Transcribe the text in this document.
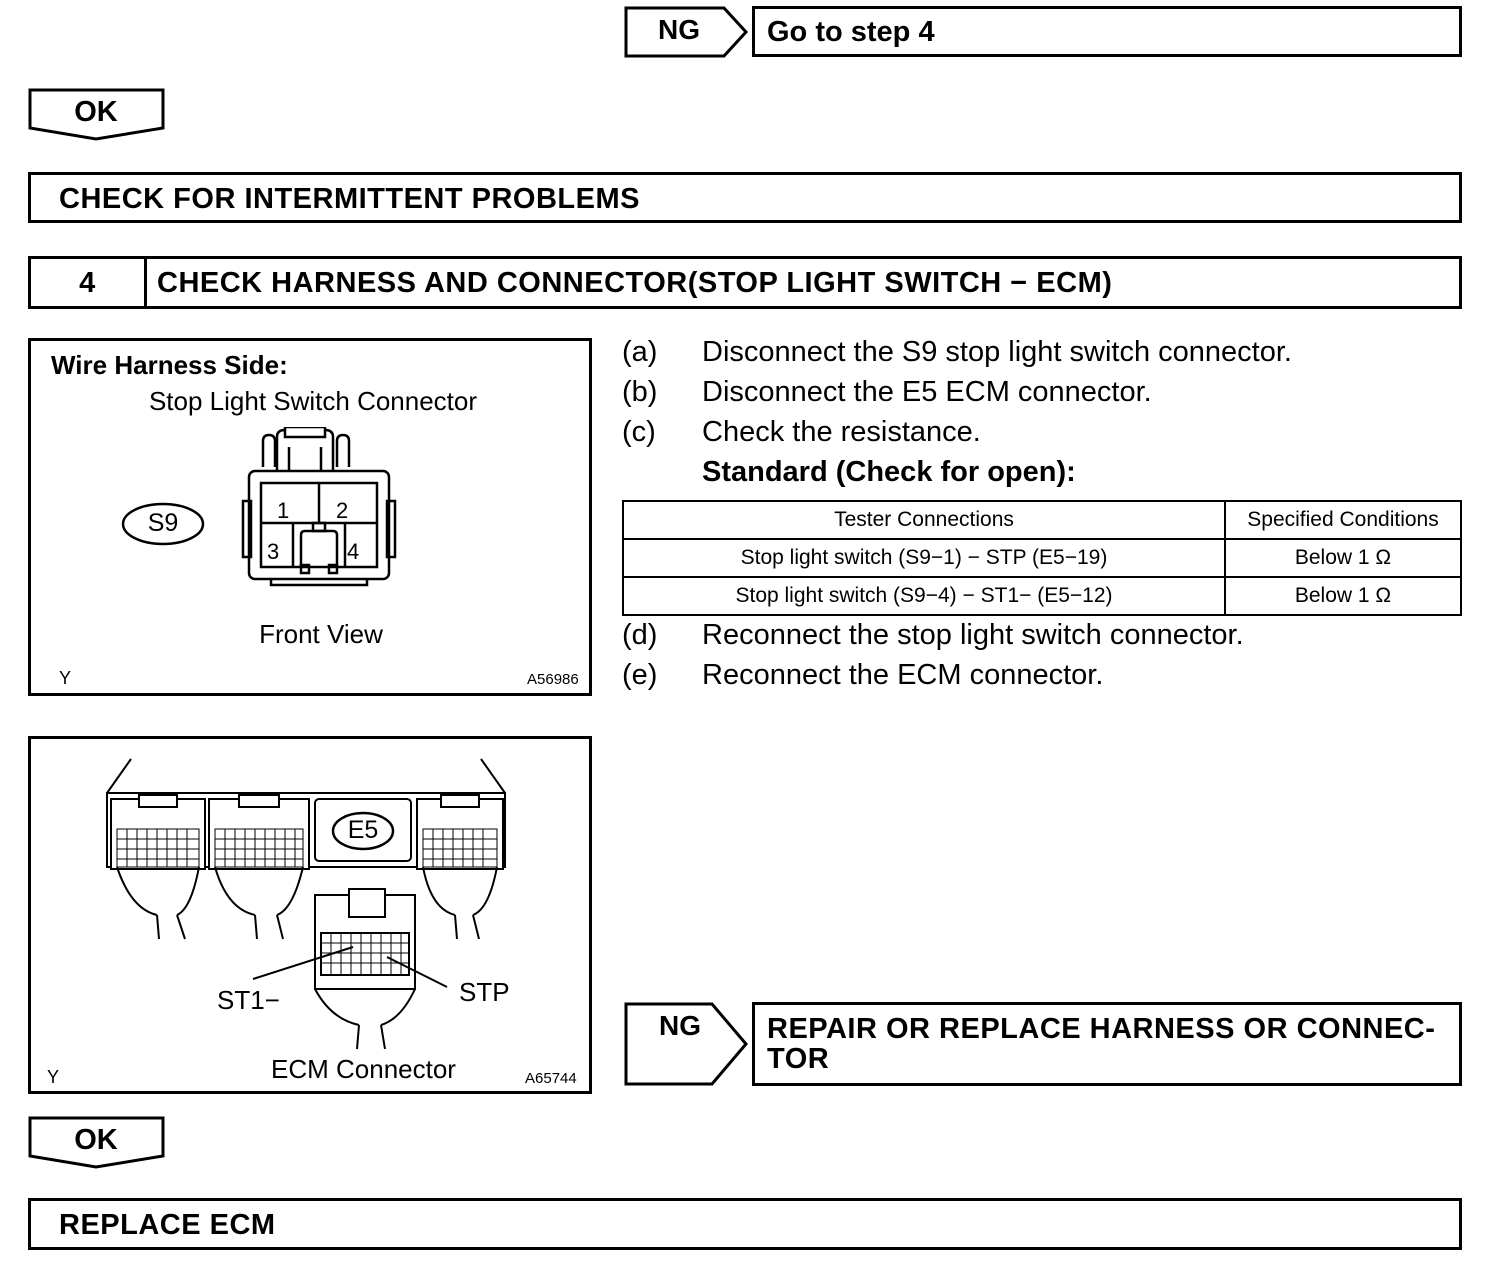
NG	Go to step 4
OK
CHECK FOR INTERMITTENT PROBLEMS
4	CHECK HARNESS AND CONNECTOR(STOP LIGHT SWITCH − ECM)
Wire Harness Side:
Stop Light Switch Connector
1 2
3	4
S9
Front View
Y	A56986
(a) Disconnect the S9 stop light switch connector.
(b) Disconnect the E5 ECM connector.
(c) Check the resistance.
Standard (Check for open):
Tester Connections	Specified Conditions
Stop light switch (S9−1) − STP (E5−19)	Below 1 Ω
Stop light switch (S9−4) − ST1− (E5−12)	Below 1 Ω
(d) Reconnect the stop light switch connector.
(e) Reconnect the ECM connector.
E5
ST1−	STP
ECM Connector
Y	A65744
NG	REPAIR OR REPLACE HARNESS OR CONNEC-
TOR
OK
REPLACE ECM
